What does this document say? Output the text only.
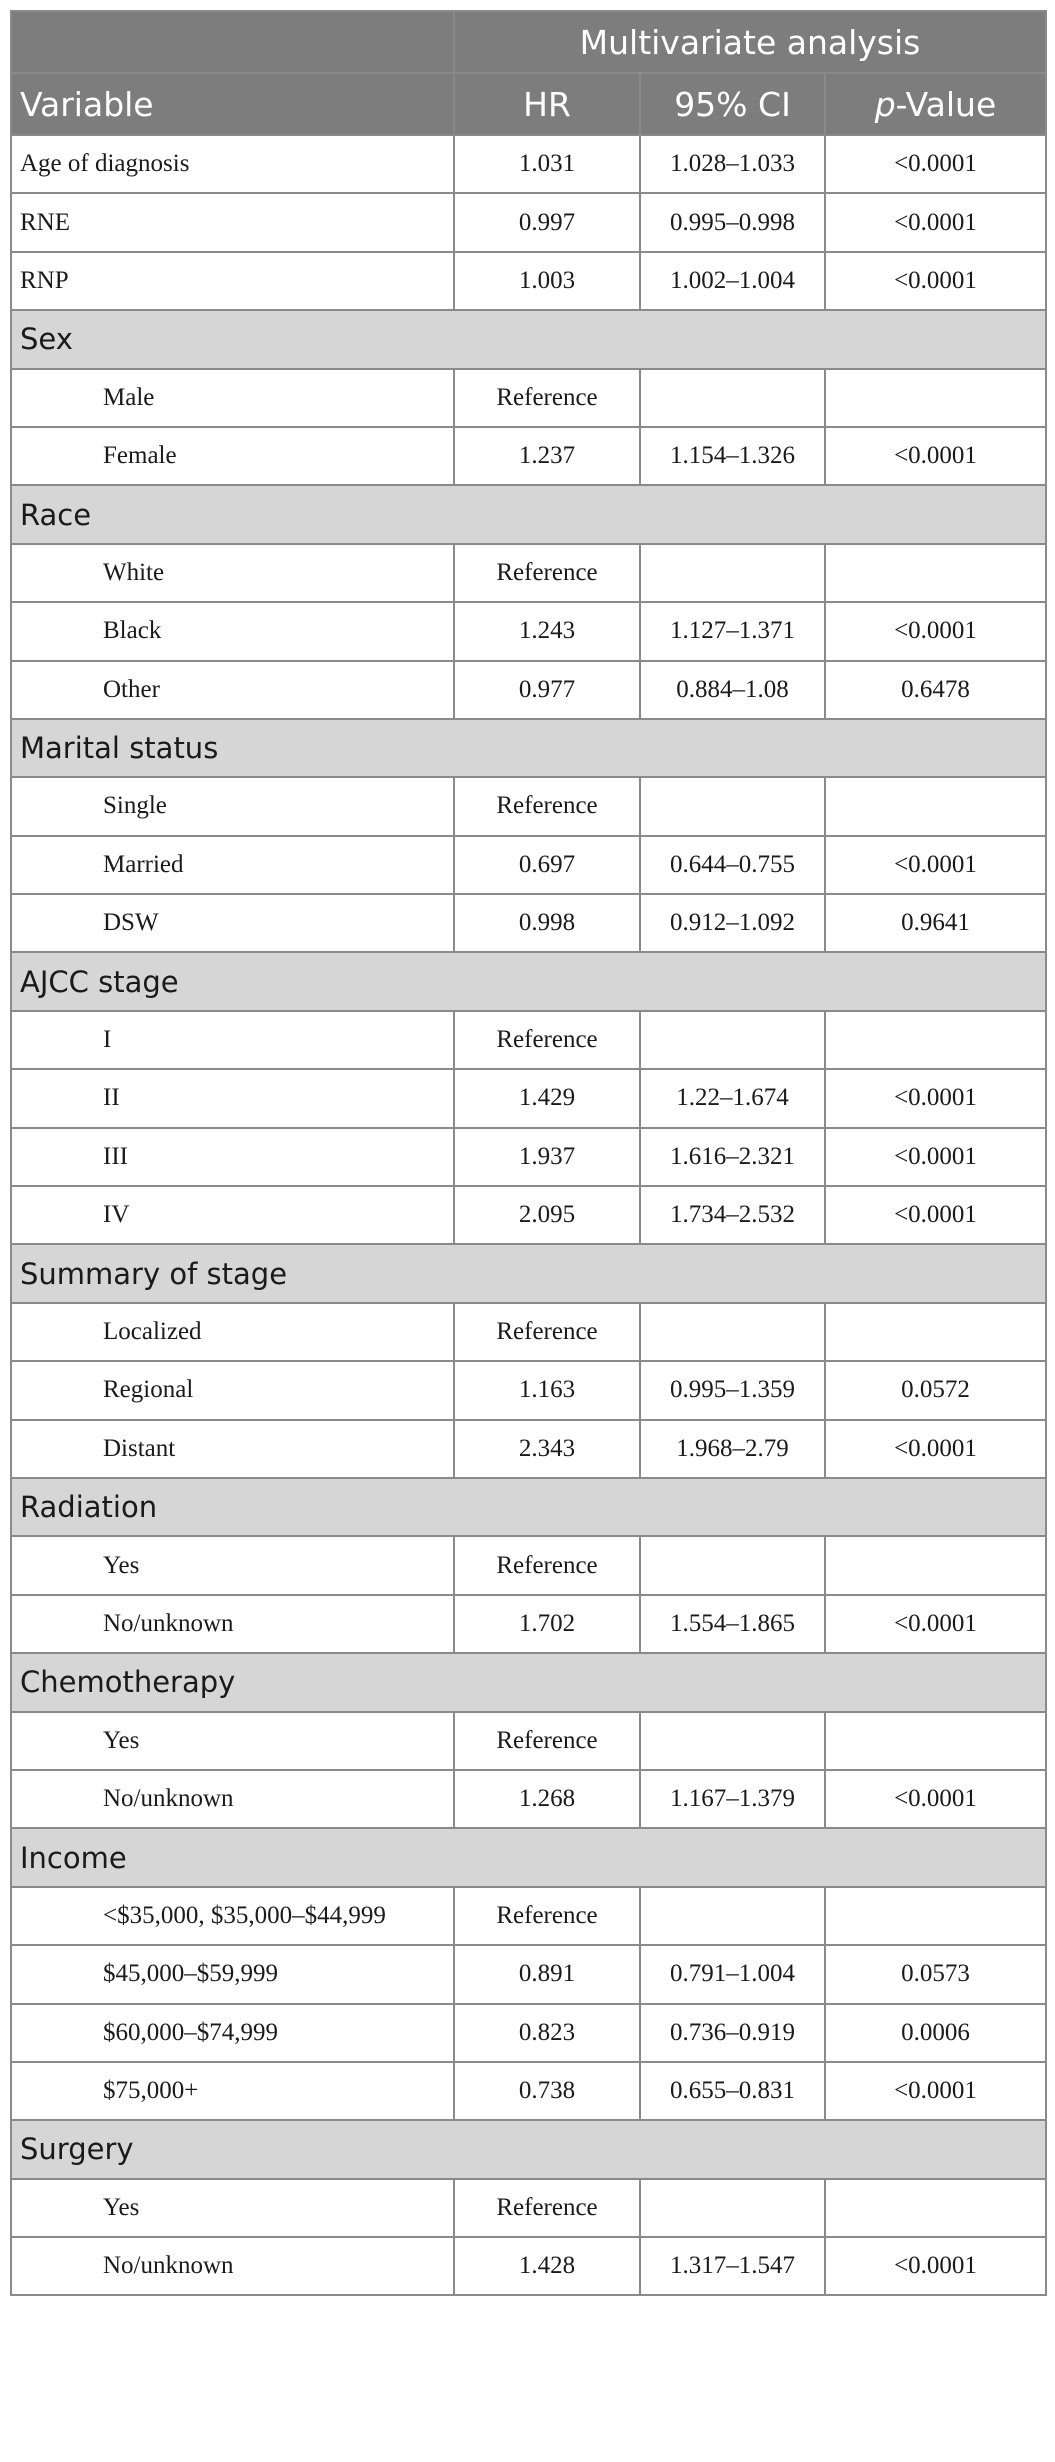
	Multivariate analysis		
Variable	HR	95% CI	p-Value
Age of diagnosis	1.031	1.028–1.033	<0.0001
RNE	0.997	0.995–0.998	<0.0001
RNP	1.003	1.002–1.004	<0.0001
Sex			
Male	Reference		
Female	1.237	1.154–1.326	<0.0001
Race			
White	Reference		
Black	1.243	1.127–1.371	<0.0001
Other	0.977	0.884–1.08	0.6478
Marital status			
Single	Reference		
Married	0.697	0.644–0.755	<0.0001
DSW	0.998	0.912–1.092	0.9641
AJCC stage			
I	Reference		
II	1.429	1.22–1.674	<0.0001
III	1.937	1.616–2.321	<0.0001
IV	2.095	1.734–2.532	<0.0001
Summary of stage			
Localized	Reference		
Regional	1.163	0.995–1.359	0.0572
Distant	2.343	1.968–2.79	<0.0001
Radiation			
Yes	Reference		
No/unknown	1.702	1.554–1.865	<0.0001
Chemotherapy			
Yes	Reference		
No/unknown	1.268	1.167–1.379	<0.0001
Income			
<$35,000, $35,000–$44,999	Reference		
$45,000–$59,999	0.891	0.791–1.004	0.0573
$60,000–$74,999	0.823	0.736–0.919	0.0006
$75,000+	0.738	0.655–0.831	<0.0001
Surgery			
Yes	Reference		
No/unknown	1.428	1.317–1.547	<0.0001
